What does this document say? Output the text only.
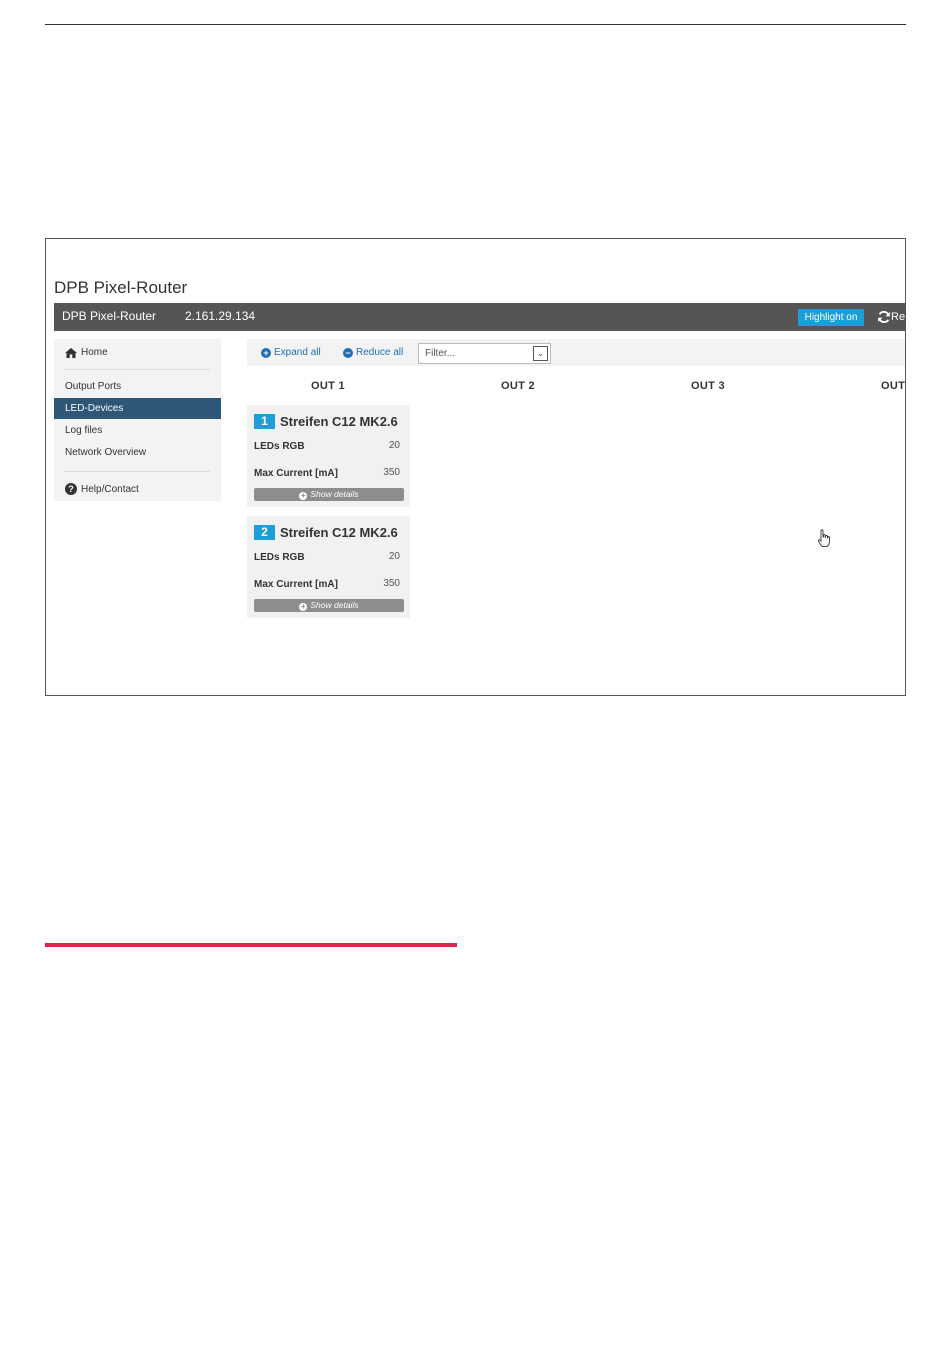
DPB Pixel-Router
DPB Pixel-Router 2.161.29.134	Highlight on	Re
Home
Output Ports
LED-Devices
Log files
Network Overview
? Help/Contact
+ Expand all	− Reduce all Filter...	⌄
OUT 1	OUT 2	OUT 3	OUT
1 Streifen C12 MK2.6
LEDs RGB	20
Max Current [mA]	350
+ Show details
2 Streifen C12 MK2.6
LEDs RGB	20
Max Current [mA]	350
+ Show details
